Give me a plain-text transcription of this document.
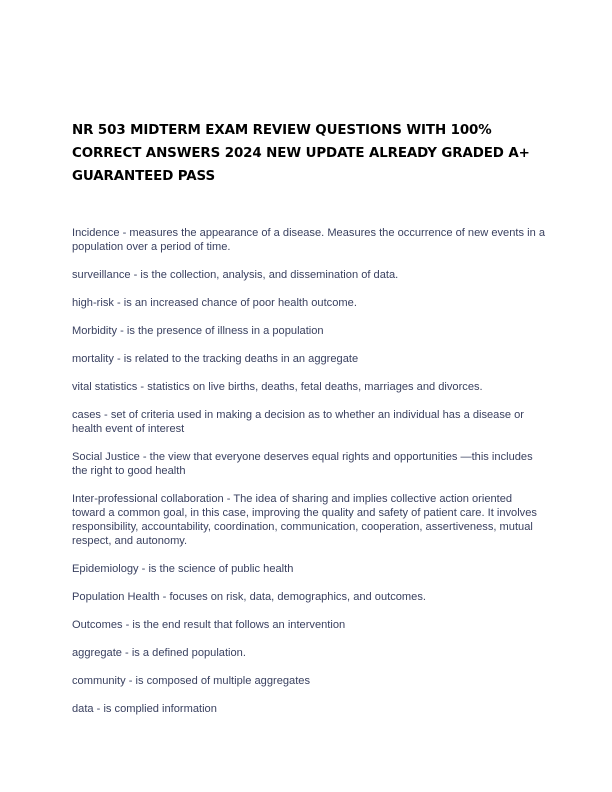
NR 503 MIDTERM EXAM REVIEW QUESTIONS WITH 100% CORRECT ANSWERS 2024 NEW UPDATE ALREADY GRADED A+ GUARANTEED PASS
Incidence - measures the appearance of a disease. Measures the occurrence of new events in a population over a period of time.
surveillance - is the collection, analysis, and dissemination of data.
high-risk - is an increased chance of poor health outcome.
Morbidity - is the presence of illness in a population
mortality - is related to the tracking deaths in an aggregate
vital statistics - statistics on live births, deaths, fetal deaths, marriages and divorces.
cases - set of criteria used in making a decision as to whether an individual has a disease or health event of interest
Social Justice - the view that everyone deserves equal rights and opportunities —this includes the right to good health
Inter-professional collaboration - The idea of sharing and implies collective action oriented toward a common goal, in this case, improving the quality and safety of patient care. It involves responsibility, accountability, coordination, communication, cooperation, assertiveness, mutual respect, and autonomy.
Epidemiology - is the science of public health
Population Health - focuses on risk, data, demographics, and outcomes.
Outcomes - is the end result that follows an intervention
aggregate - is a defined population.
community - is composed of multiple aggregates
data - is complied information
